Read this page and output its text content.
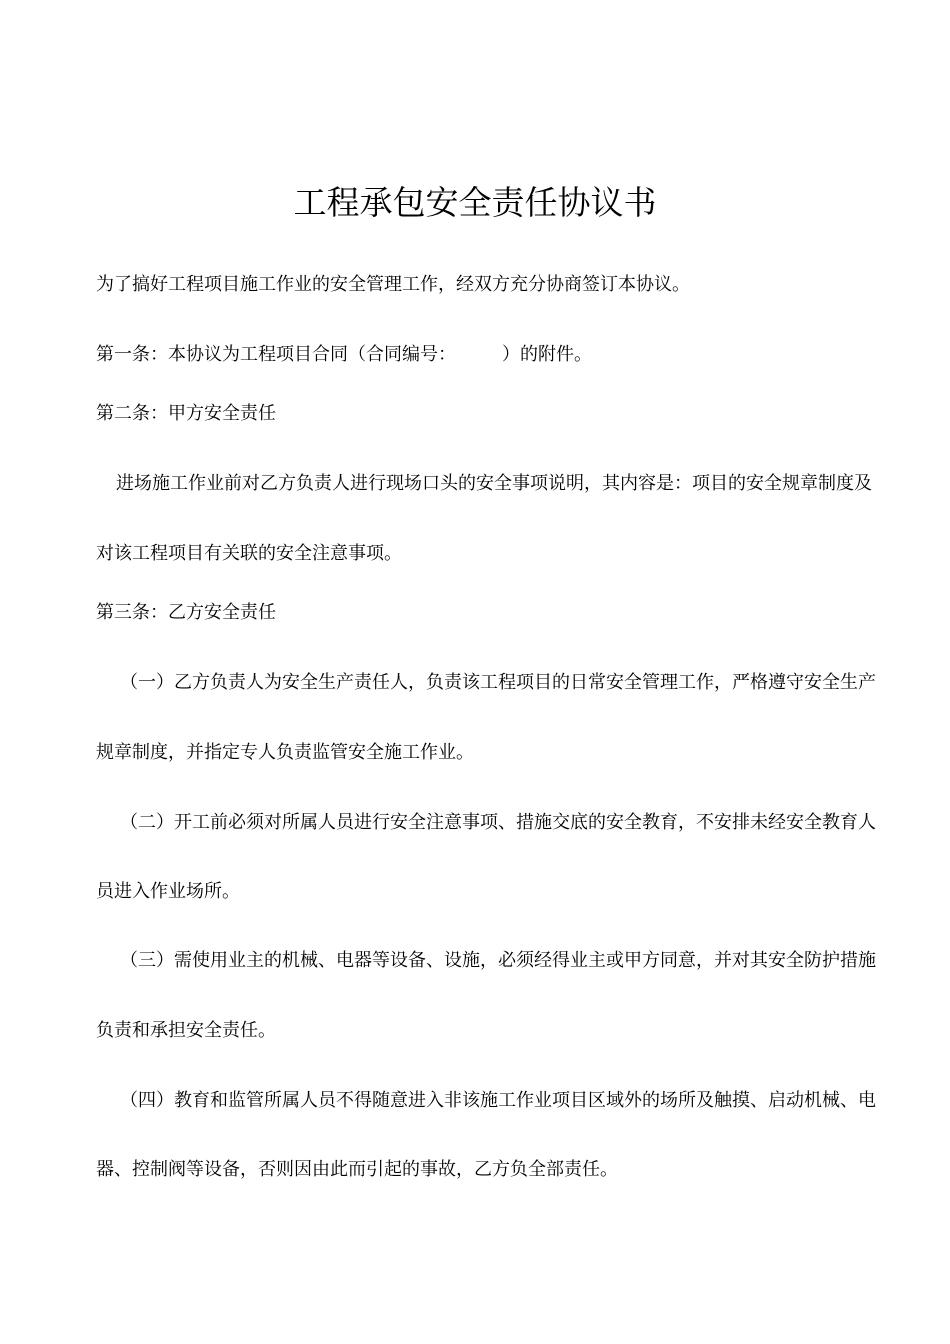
工程承包安全责任协议书
为了搞好工程项目施工作业的安全管理工作，经双方充分协商签订本协议。
第一条：本协议为工程项目合同（合同编号：	）的附件。
第二条：甲方安全责任
进场施工作业前对乙方负责人进行现场口头的安全事项说明，其内容是：项目的安全规章制度及
对该工程项目有关联的安全注意事项。
第三条：乙方安全责任
（一）乙方负责人为安全生产责任人，负责该工程项目的日常安全管理工作，严格遵守安全生产
规章制度，并指定专人负责监管安全施工作业。
（二）开工前必须对所属人员进行安全注意事项、措施交底的安全教育，不安排未经安全教育人
员进入作业场所。
（三）需使用业主的机械、电器等设备、设施，必须经得业主或甲方同意，并对其安全防护措施
负责和承担安全责任。
（四）教育和监管所属人员不得随意进入非该施工作业项目区域外的场所及触摸、启动机械、电
器、控制阀等设备，否则因由此而引起的事故，乙方负全部责任。
